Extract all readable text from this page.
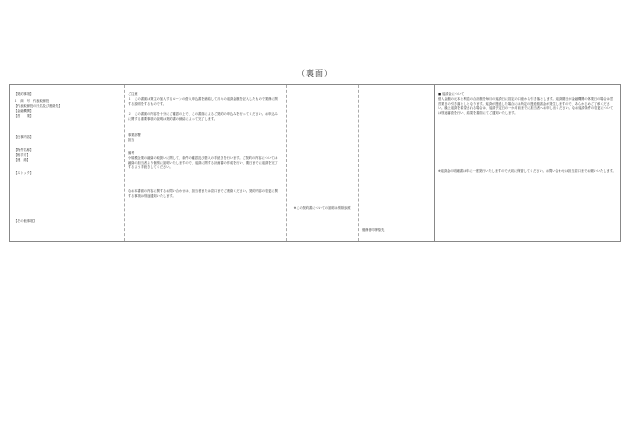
（裏面）
【契約事項】
１　商　号　代表取締役
【代表取締役の氏名及び連絡先】
【金融機関】
【営　　業】
【仕事内容】
【物件名称】
【相手方】
【連　絡】
【ストック】
【その他事項】
ご注意
１　この書面は貸主の加入するローンの借入申込書を締結して月々の返済金額を記入したもので業務に関する説明をするものです。
２　この書面の内容を十分にご確認の上で、この書面によるご契約の申込みを行ってください。お申込みに関する重要事項の説明は契約書の締結によって完了します。
事業部署
担当
備考
小規模企業の融資の取扱いに関して、条件の確認及び借入の手続きを行います。ご契約の内容については融資の担当者より個別に説明いたしますので、返済に関する計画書の作成を行い、期日までに返済を完了するよう手続きしてください。
なお本書面の内容に関するお問い合わせは、担当者または窓口までご連絡ください。契約内容の変更に関する事項は別途通知いたします。
※この契約書についての説明は別紙参照
債務者印押捺先
■ 返済金について
借入金額の元本と利息の合計額を毎月の返済日に指定の口座から引き落とします。返済期日が金融機関の休業日の場合は翌営業日の引き落としとなります。返済が遅延した場合には所定の遅延損害金が発生しますので、あらかじめご了承ください。繰上返済を希望される場合は、返済予定日の一か月前までに担当者へお申し出ください。なお返済条件の変更については別途審査を行い、結果を書面にてご通知いたします。
※返済金の明細書は年に一度発行いたしますので大切に保管してください。お問い合わせは担当窓口までお願いいたします。
